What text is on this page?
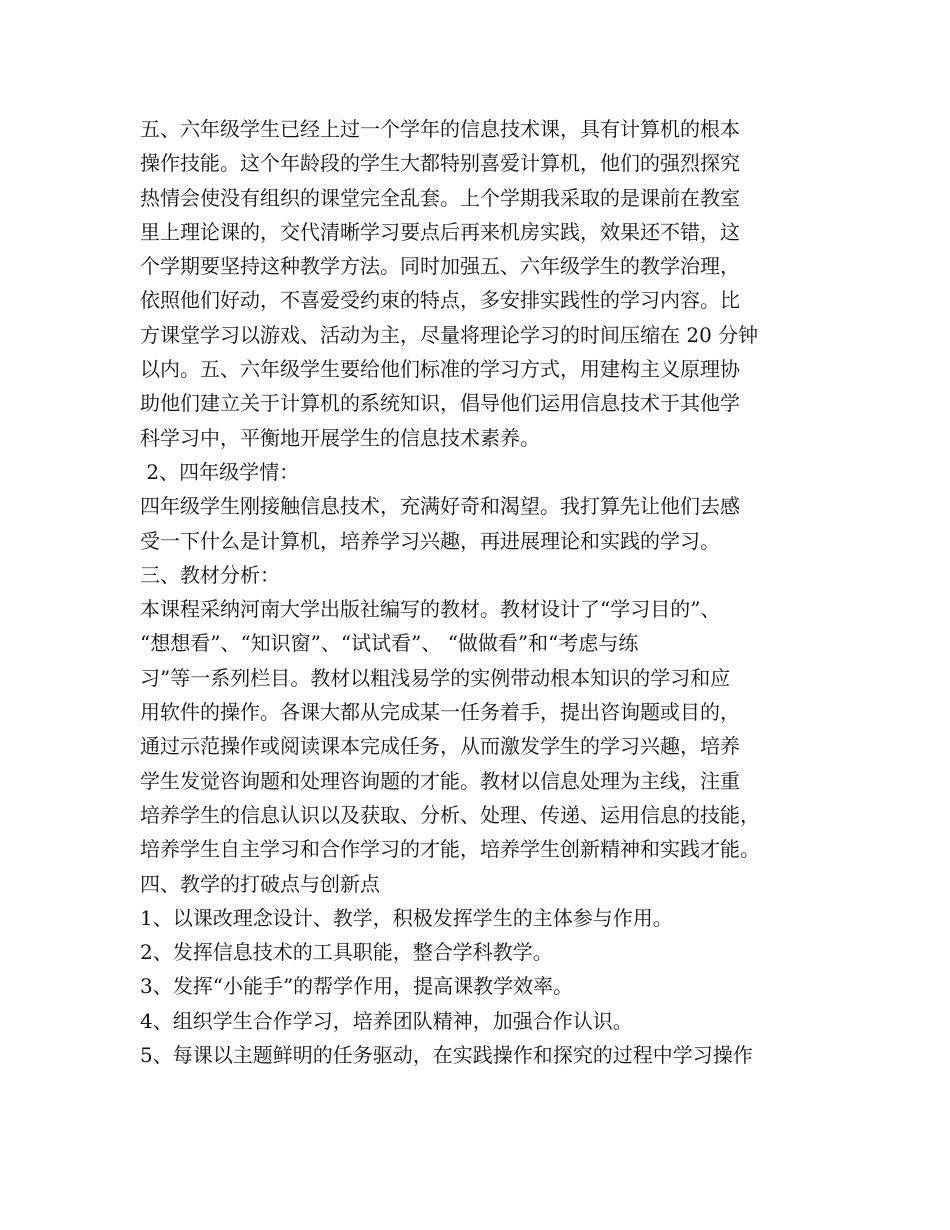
五、六年级学生已经上过一个学年的信息技术课，具有计算机的根本
操作技能。这个年龄段的学生大都特别喜爱计算机，他们的强烈探究
热情会使没有组织的课堂完全乱套。上个学期我采取的是课前在教室
里上理论课的，交代清晰学习要点后再来机房实践，效果还不错，这
个学期要坚持这种教学方法。同时加强五、六年级学生的教学治理，
依照他们好动，不喜爱受约束的特点，多安排实践性的学习内容。比
方课堂学习以游戏、活动为主，尽量将理论学习的时间压缩在 20 分钟
以内。五、六年级学生要给他们标准的学习方式，用建构主义原理协
助他们建立关于计算机的系统知识，倡导他们运用信息技术于其他学
科学习中，平衡地开展学生的信息技术素养。
2、四年级学情：
四年级学生刚接触信息技术，充满好奇和渴望。我打算先让他们去感
受一下什么是计算机，培养学习兴趣，再进展理论和实践的学习。
三、教材分析：
本课程采纳河南大学出版社编写的教材。教材设计了“学习目的”、
“想想看”、“知识窗”、“试试看”、 “做做看”和“考虑与练
习”等一系列栏目。教材以粗浅易学的实例带动根本知识的学习和应
用软件的操作。各课大都从完成某一任务着手，提出咨询题或目的，
通过示范操作或阅读课本完成任务，从而激发学生的学习兴趣，培养
学生发觉咨询题和处理咨询题的才能。教材以信息处理为主线，注重
培养学生的信息认识以及获取、分析、处理、传递、运用信息的技能，
培养学生自主学习和合作学习的才能，培养学生创新精神和实践才能。
四、教学的打破点与创新点
1、以课改理念设计、教学，积极发挥学生的主体参与作用。
2、发挥信息技术的工具职能，整合学科教学。
3、发挥“小能手”的帮学作用，提高课教学效率。
4、组织学生合作学习，培养团队精神，加强合作认识。
5、每课以主题鲜明的任务驱动，在实践操作和探究的过程中学习操作
